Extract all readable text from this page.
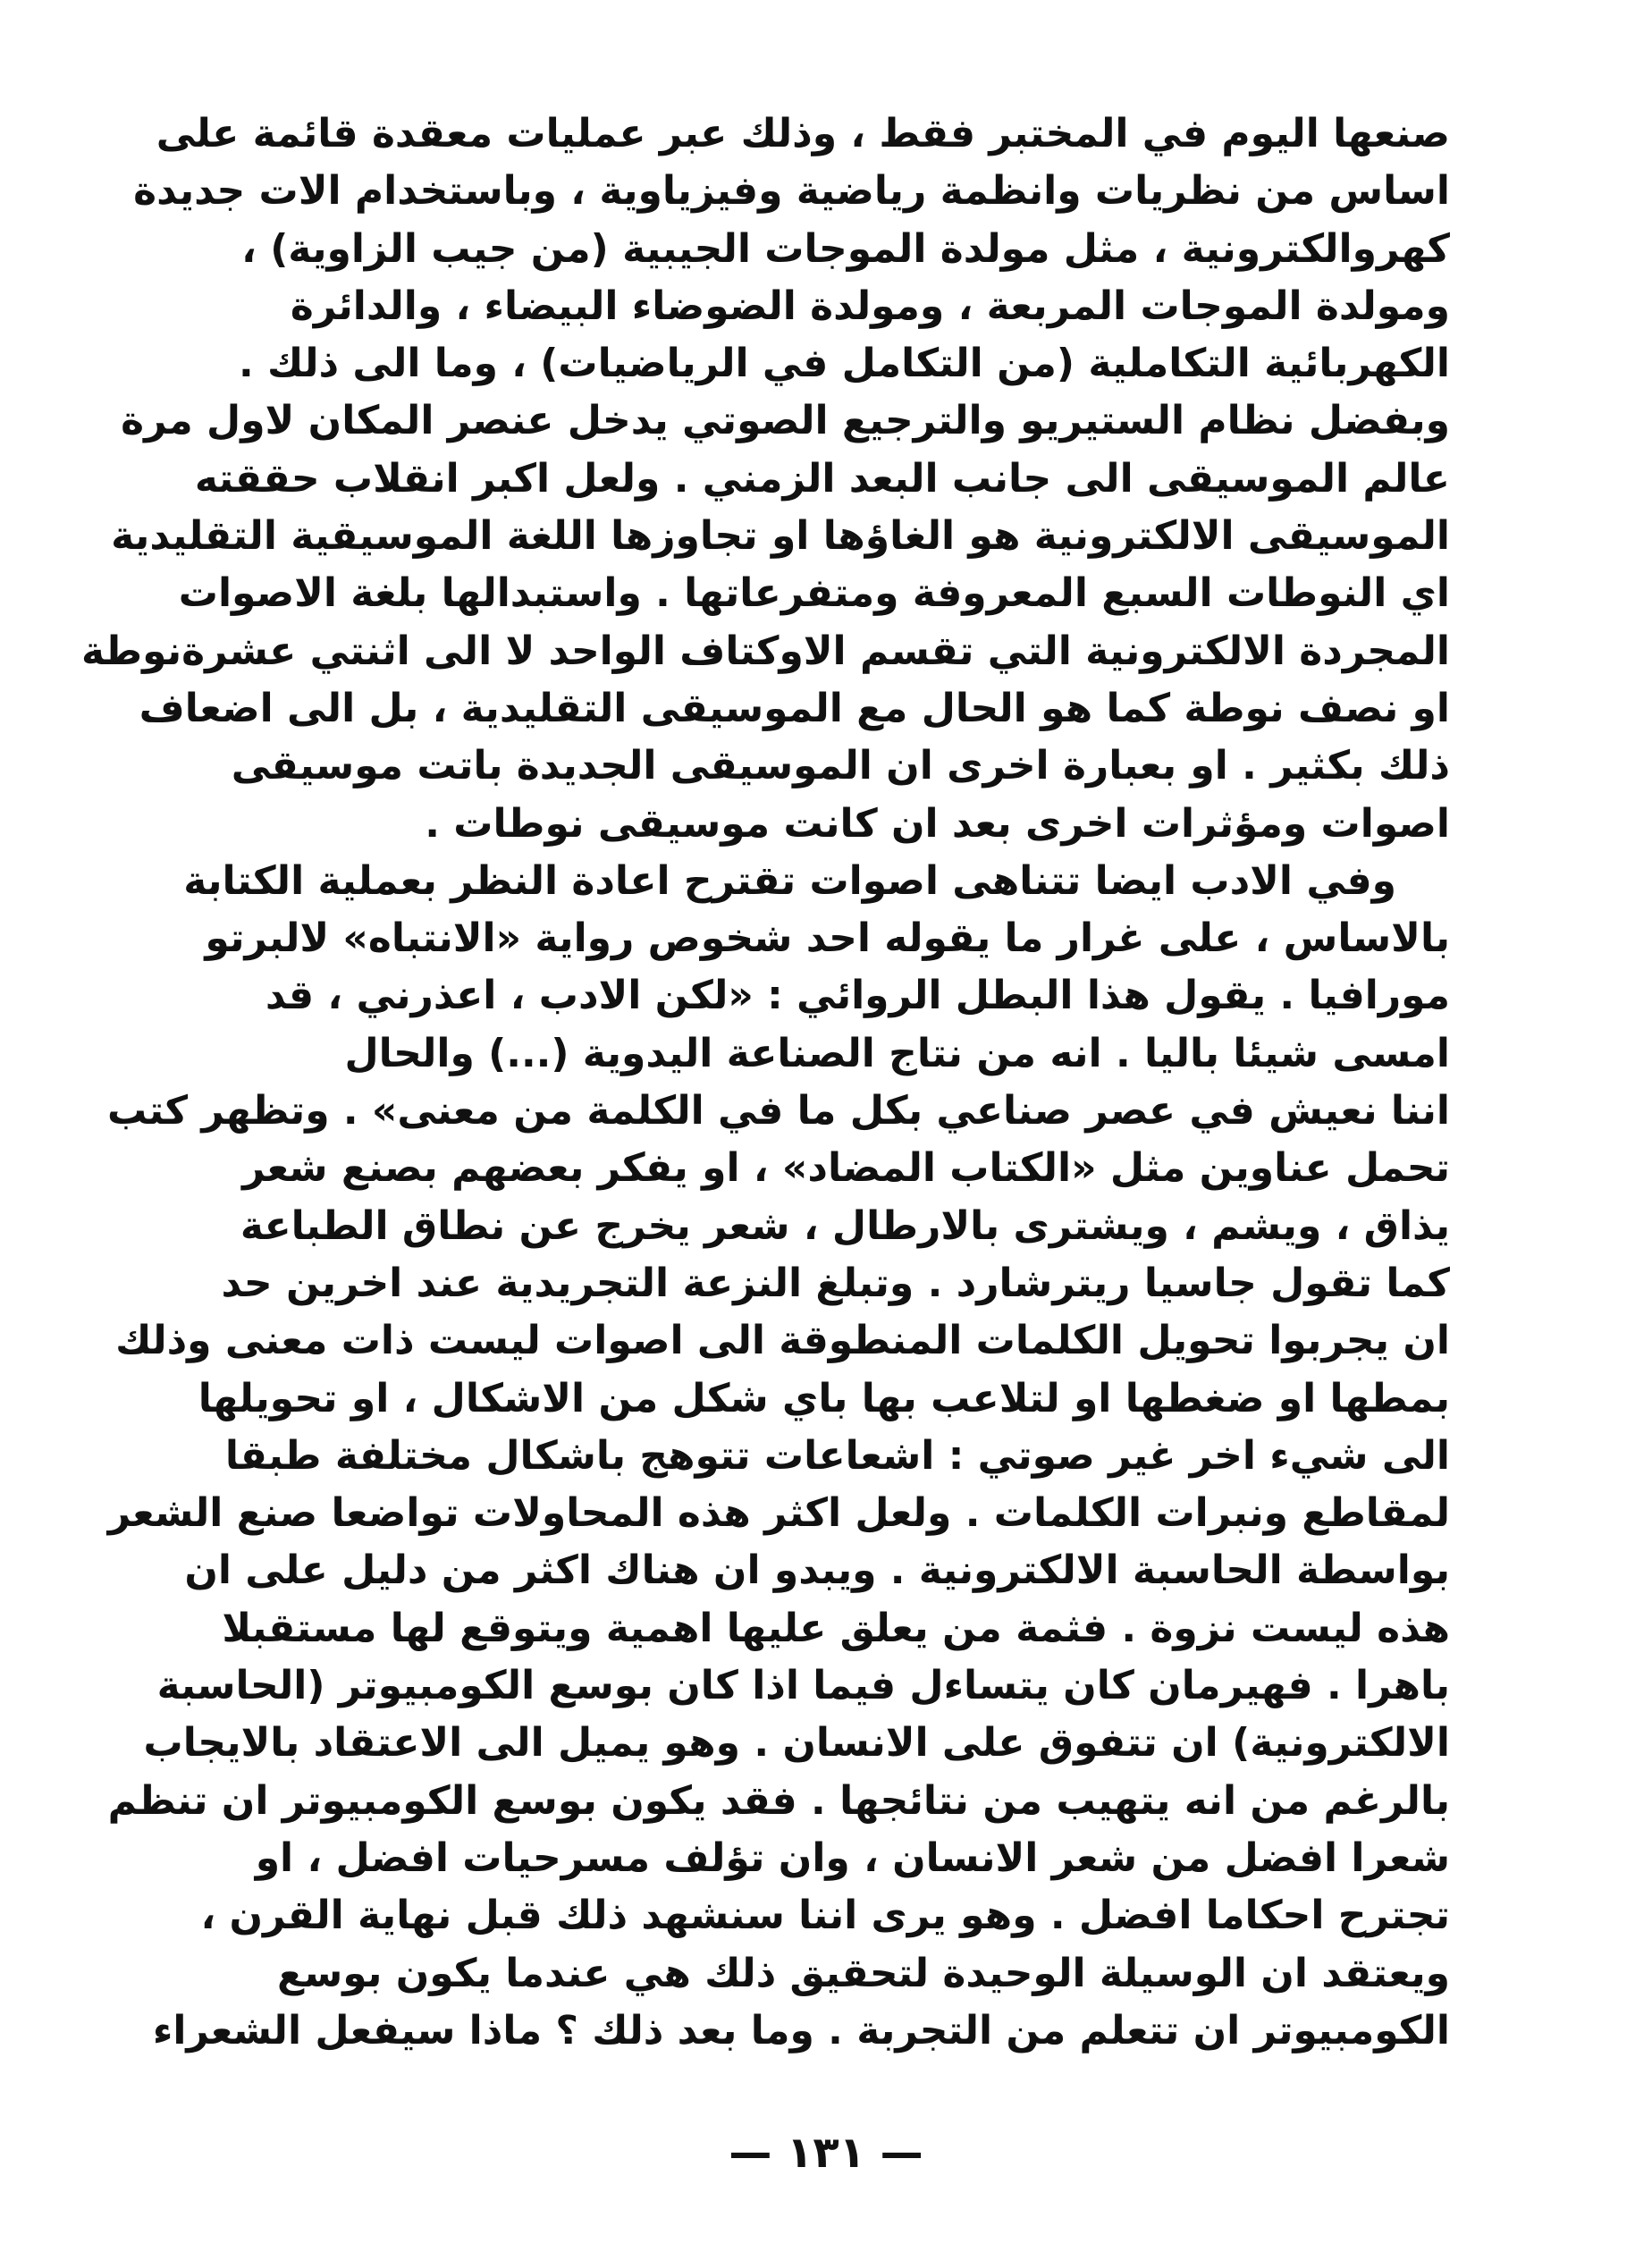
صنعها اليوم في المختبر فقط ، وذلك عبر عمليات معقدة قائمة على
اساس من نظريات وانظمة رياضية وفيزياوية ، وباستخدام الات جديدة
كهروالكترونية ، مثل مولدة الموجات الجيبية (من جيب الزاوية) ،
ومولدة الموجات المربعة ، ومولدة الضوضاء البيضاء ، والدائرة
الكهربائية التكاملية (من التكامل في الرياضيات) ، وما الى ذلك .
وبفضل نظام الستيريو والترجيع الصوتي يدخل عنصر المكان لاول مرة
عالم الموسيقى الى جانب البعد الزمني . ولعل اكبر انقلاب حققته
الموسيقى الالكترونية هو الغاؤها او تجاوزها اللغة الموسيقية التقليدية
اي النوطات السبع المعروفة ومتفرعاتها . واستبدالها بلغة الاصوات
المجردة الالكترونية التي تقسم الاوكتاف الواحد لا الى اثنتي عشرةنوطة
او نصف نوطة كما هو الحال مع الموسيقى التقليدية ، بل الى اضعاف
ذلك بكثير . او بعبارة اخرى ان الموسيقى الجديدة باتت موسيقى
اصوات ومؤثرات اخرى بعد ان كانت موسيقى نوطات .
وفي الادب ايضا تتناهى اصوات تقترح اعادة النظر بعملية الكتابة
بالاساس ، على غرار ما يقوله احد شخوص رواية «الانتباه» لالبرتو
مورافيا . يقول هذا البطل الروائي : «لكن الادب ، اعذرني ، قد
امسى شيئا باليا . انه من نتاج الصناعة اليدوية (...) والحال
اننا نعيش في عصر صناعي بكل ما في الكلمة من معنى» . وتظهر كتب
تحمل عناوين مثل «الكتاب المضاد» ، او يفكر بعضهم بصنع شعر
يذاق ، ويشم ، ويشترى بالارطال ، شعر يخرج عن نطاق الطباعة
كما تقول جاسيا ريترشارد . وتبلغ النزعة التجريدية عند اخرين حد
ان يجربوا تحويل الكلمات المنطوقة الى اصوات ليست ذات معنى وذلك
بمطها او ضغطها او لتلاعب بها باي شكل من الاشكال ، او تحويلها
الى شيء اخر غير صوتي : اشعاعات تتوهج باشكال مختلفة طبقا
لمقاطع ونبرات الكلمات . ولعل اكثر هذه المحاولات تواضعا صنع الشعر
بواسطة الحاسبة الالكترونية . ويبدو ان هناك اكثر من دليل على ان
هذه ليست نزوة . فثمة من يعلق عليها اهمية ويتوقع لها مستقبلا
باهرا . فهيرمان كان يتساءل فيما اذا كان بوسع الكومبيوتر (الحاسبة
الالكترونية) ان تتفوق على الانسان . وهو يميل الى الاعتقاد بالايجاب
بالرغم من انه يتهيب من نتائجها . فقد يكون بوسع الكومبيوتر ان تنظم
شعرا افضل من شعر الانسان ، وان تؤلف مسرحيات افضل ، او
تجترح احكاما افضل . وهو يرى اننا سنشهد ذلك قبل نهاية القرن ،
ويعتقد ان الوسيلة الوحيدة لتحقيق ذلك هي عندما يكون بوسع
الكومبيوتر ان تتعلم من التجربة . وما بعد ذلك ؟ ماذا سيفعل الشعراء
— ١٣١ —
